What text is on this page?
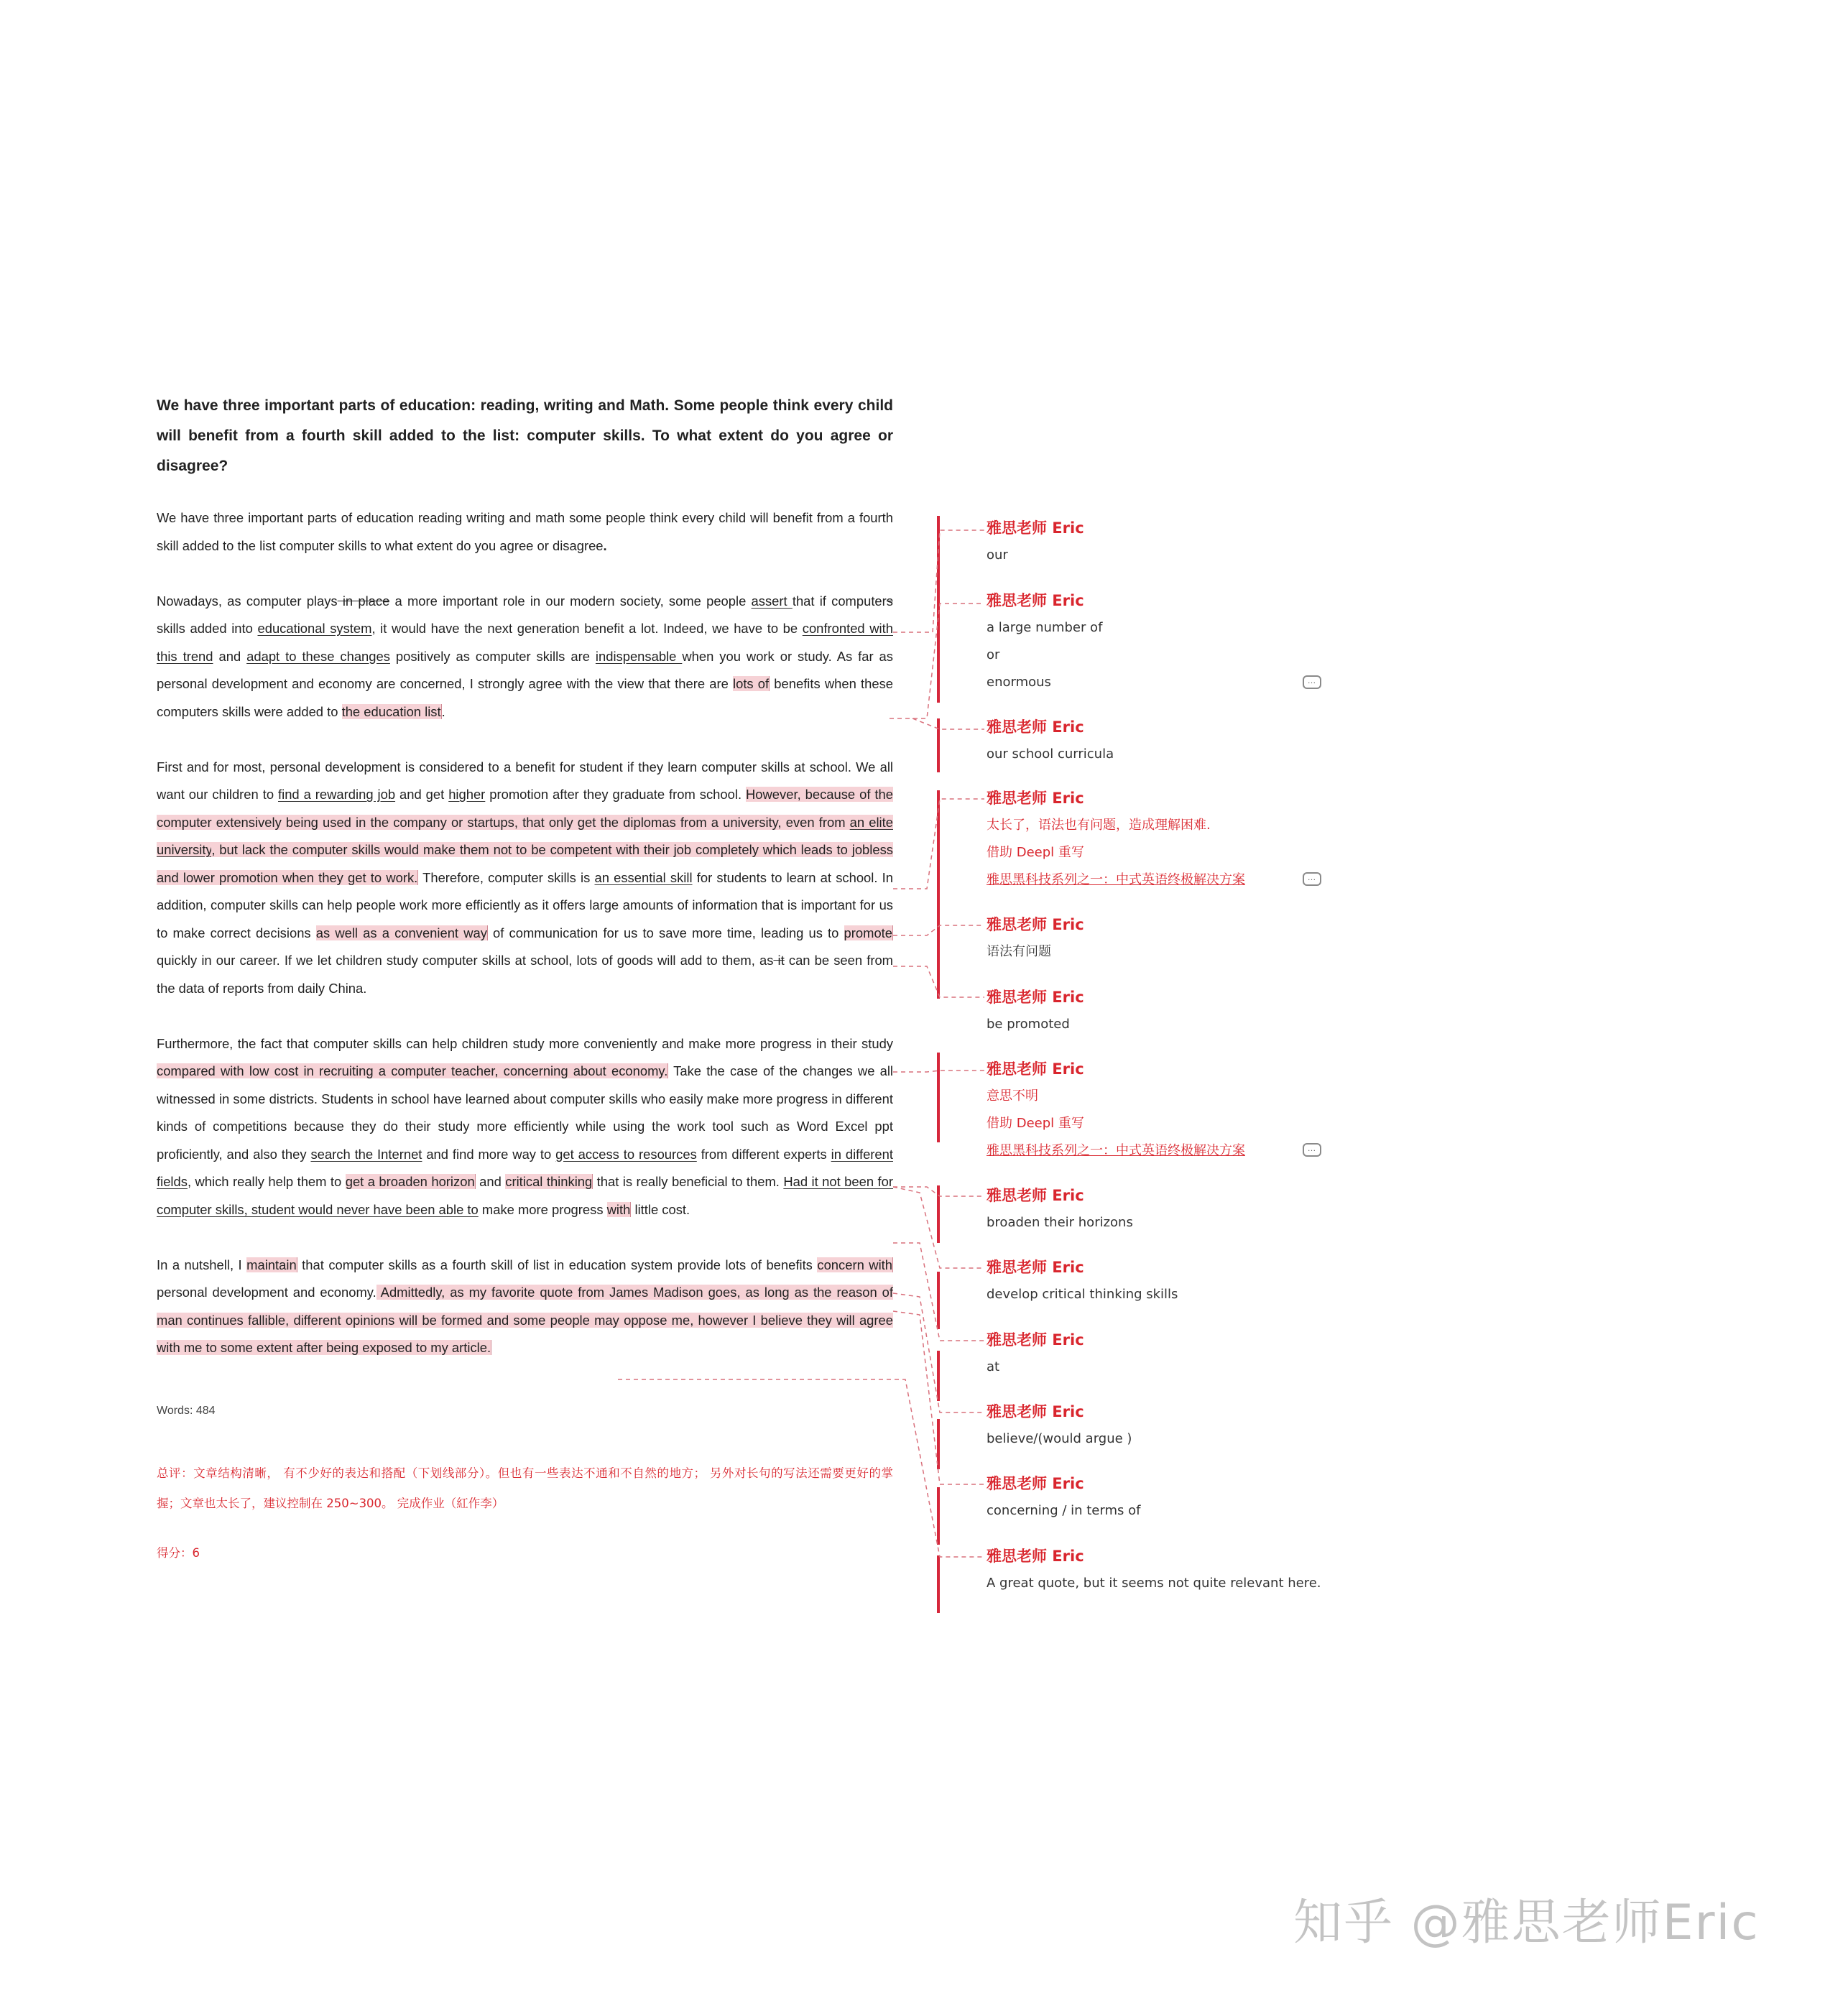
We have three important parts of education: reading, writing and Math. Some people think every child will benefit from a fourth skill added to the list: computer skills. To what extent do you agree or disagree?

We have three important parts of education reading writing and math some people think every child will benefit from a fourth skill added to the list computer skills to what extent do you agree or disagree.

Nowadays, as computer plays in place a more important role in our modern society, some people assert that if computers skills added into educational system, it would have the next generation benefit a lot. Indeed, we have to be confronted with this trend and adapt to these changes positively as computer skills are indispensable when you work or study. As far as personal development and economy are concerned, I strongly agree with the view that there are lots of benefits when these computers skills were added to the education list.

First and for most, personal development is considered to a benefit for student if they learn computer skills at school. We all want our children to find a rewarding job and get higher promotion after they graduate from school. However, because of the computer extensively being used in the company or startups, that only get the diplomas from a university, even from an elite university, but lack the computer skills would make them not to be competent with their job completely which leads to jobless and lower promotion when they get to work. Therefore, computer skills is an essential skill for students to learn at school. In addition, computer skills can help people work more efficiently as it offers large amounts of information that is important for us to make correct decisions as well as a convenient way of communication for us to save more time, leading us to promote quickly in our career. If we let children study computer skills at school, lots of goods will add to them, as it can be seen from the data of reports from daily China.

Furthermore, the fact that computer skills can help children study more conveniently and make more progress in their study compared with low cost in recruiting a computer teacher, concerning about economy. Take the case of the changes we all witnessed in some districts. Students in school have learned about computer skills who easily make more progress in different kinds of competitions because they do their study more efficiently while using the work tool such as Word Excel ppt proficiently, and also they search the Internet and find more way to get access to resources from different experts in different fields, which really help them to get a broaden horizon and critical thinking that is really beneficial to them. Had it not been for computer skills, student would never have been able to make more progress with little cost.

In a nutshell, I maintain that computer skills as a fourth skill of list in education system provide lots of benefits concern with personal development and economy. Admittedly, as my favorite quote from James Madison goes, as long as the reason of man continues fallible, different opinions will be formed and some people may oppose me, however I believe they will agree with me to some extent after being exposed to my article.

Words: 484
总评：文章结构清晰， 有不少好的表达和搭配（下划线部分）。但也有一些表达不通和不自然的地方； 另外对长句的写法还需要更好的掌握；文章也太长了，建议控制在 250~300。 完成作业（紅作李）
得分：6
雅思老师 Eric
our
雅思老师 Eric
a large number of
or
enormous	…
雅思老师 Eric
our school curricula
雅思老师 Eric
太长了，语法也有问题，造成理解困难.
借助 Deepl 重写
雅思黑科技系列之一：中式英语终极解决方案	…
雅思老师 Eric
语法有问题
雅思老师 Eric
be promoted
雅思老师 Eric
意思不明
借助 Deepl 重写
雅思黑科技系列之一：中式英语终极解决方案	…
雅思老师 Eric
broaden their horizons
雅思老师 Eric
develop critical thinking skills
雅思老师 Eric
at
雅思老师 Eric
believe/(would argue )
雅思老师 Eric
concerning / in terms of
雅思老师 Eric
A great quote, but it seems not quite relevant here.
知乎 @雅思老师Eric
